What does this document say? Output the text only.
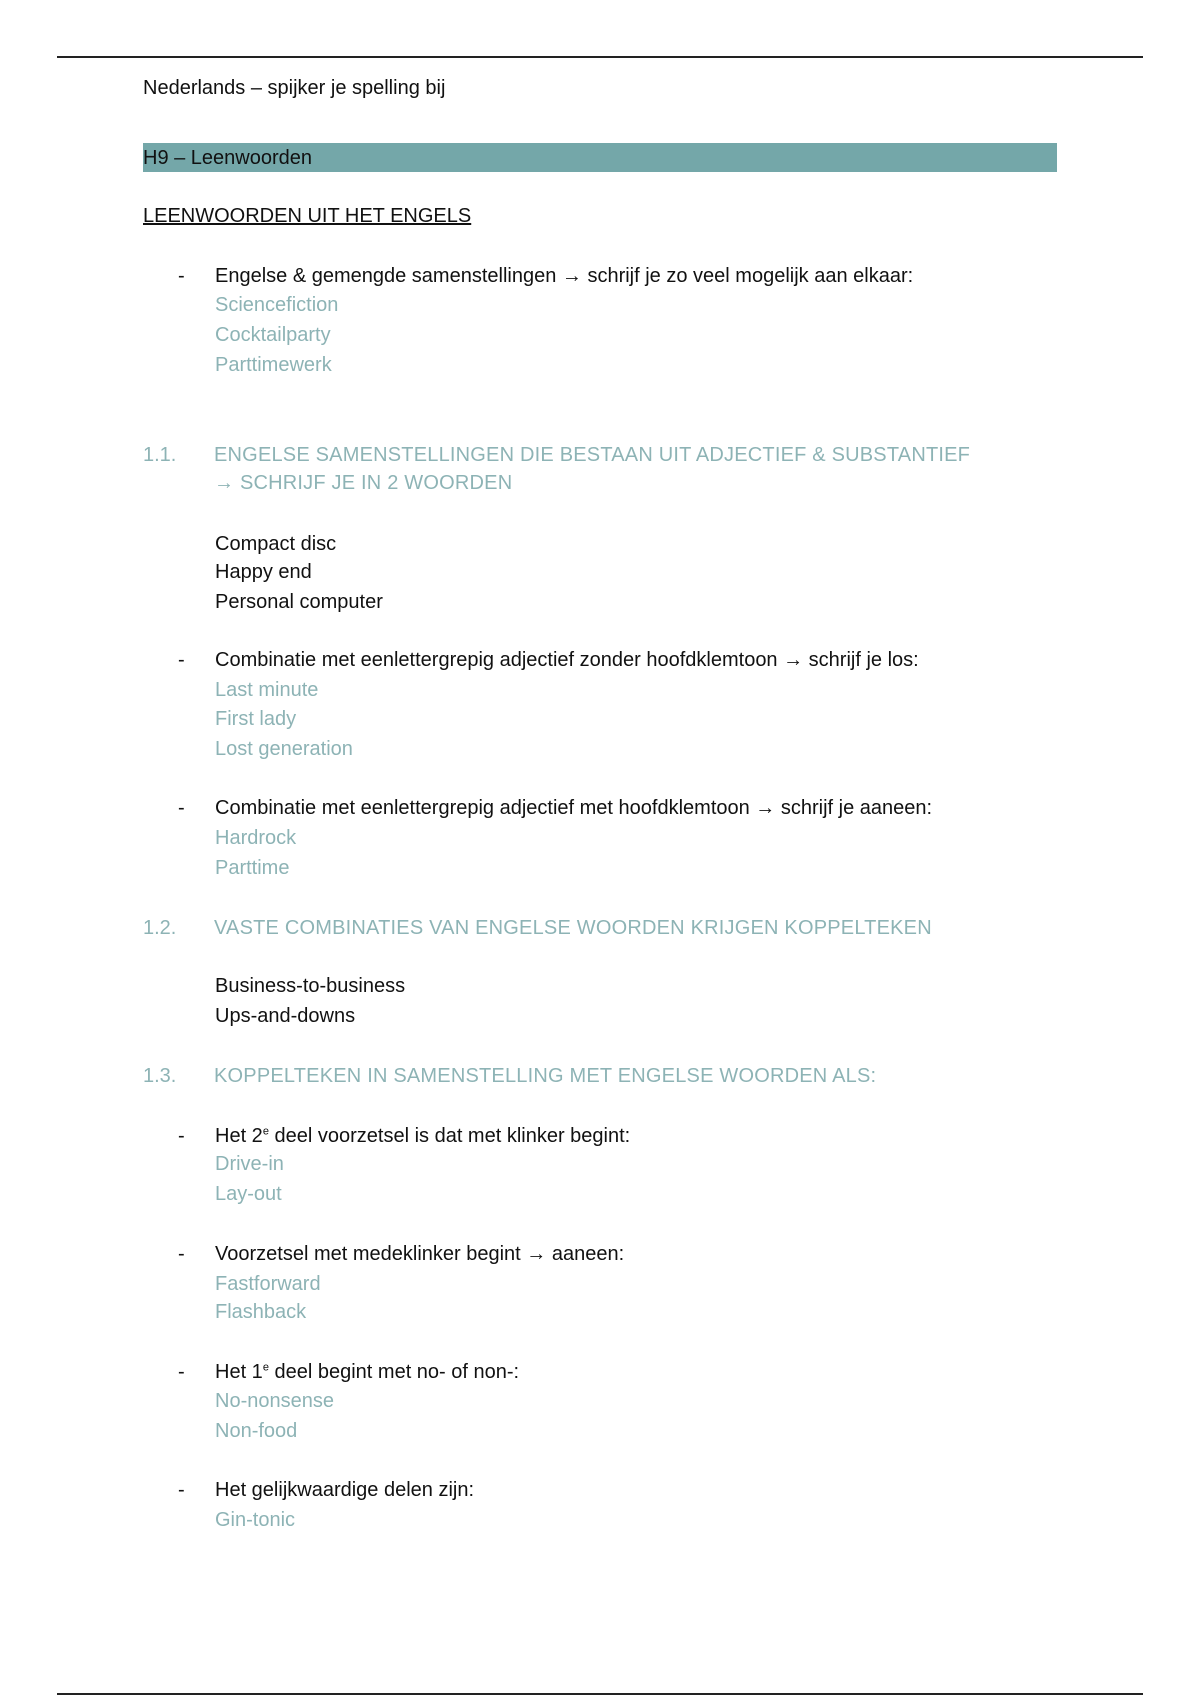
Nederlands – spijker je spelling bij
H9 – Leenwoorden
LEENWOORDEN UIT HET ENGELS
- Engelse & gemengde samenstellingen → schrijf je zo veel mogelijk aan elkaar:
Sciencefiction
Cocktailparty
Parttimewerk
1.1. ENGELSE SAMENSTELLINGEN DIE BESTAAN UIT ADJECTIEF & SUBSTANTIEF
→ SCHRIJF JE IN 2 WOORDEN
Compact disc
Happy end
Personal computer
- Combinatie met eenlettergrepig adjectief zonder hoofdklemtoon → schrijf je los:
Last minute
First lady
Lost generation
- Combinatie met eenlettergrepig adjectief met hoofdklemtoon → schrijf je aaneen:
Hardrock
Parttime
1.2. VASTE COMBINATIES VAN ENGELSE WOORDEN KRIJGEN KOPPELTEKEN
Business-to-business
Ups-and-downs
1.3. KOPPELTEKEN IN SAMENSTELLING MET ENGELSE WOORDEN ALS:
- Het 2e deel voorzetsel is dat met klinker begint:
Drive-in
Lay-out
- Voorzetsel met medeklinker begint → aaneen:
Fastforward
Flashback
- Het 1e deel begint met no- of non-:
No-nonsense
Non-food
- Het gelijkwaardige delen zijn:
Gin-tonic
